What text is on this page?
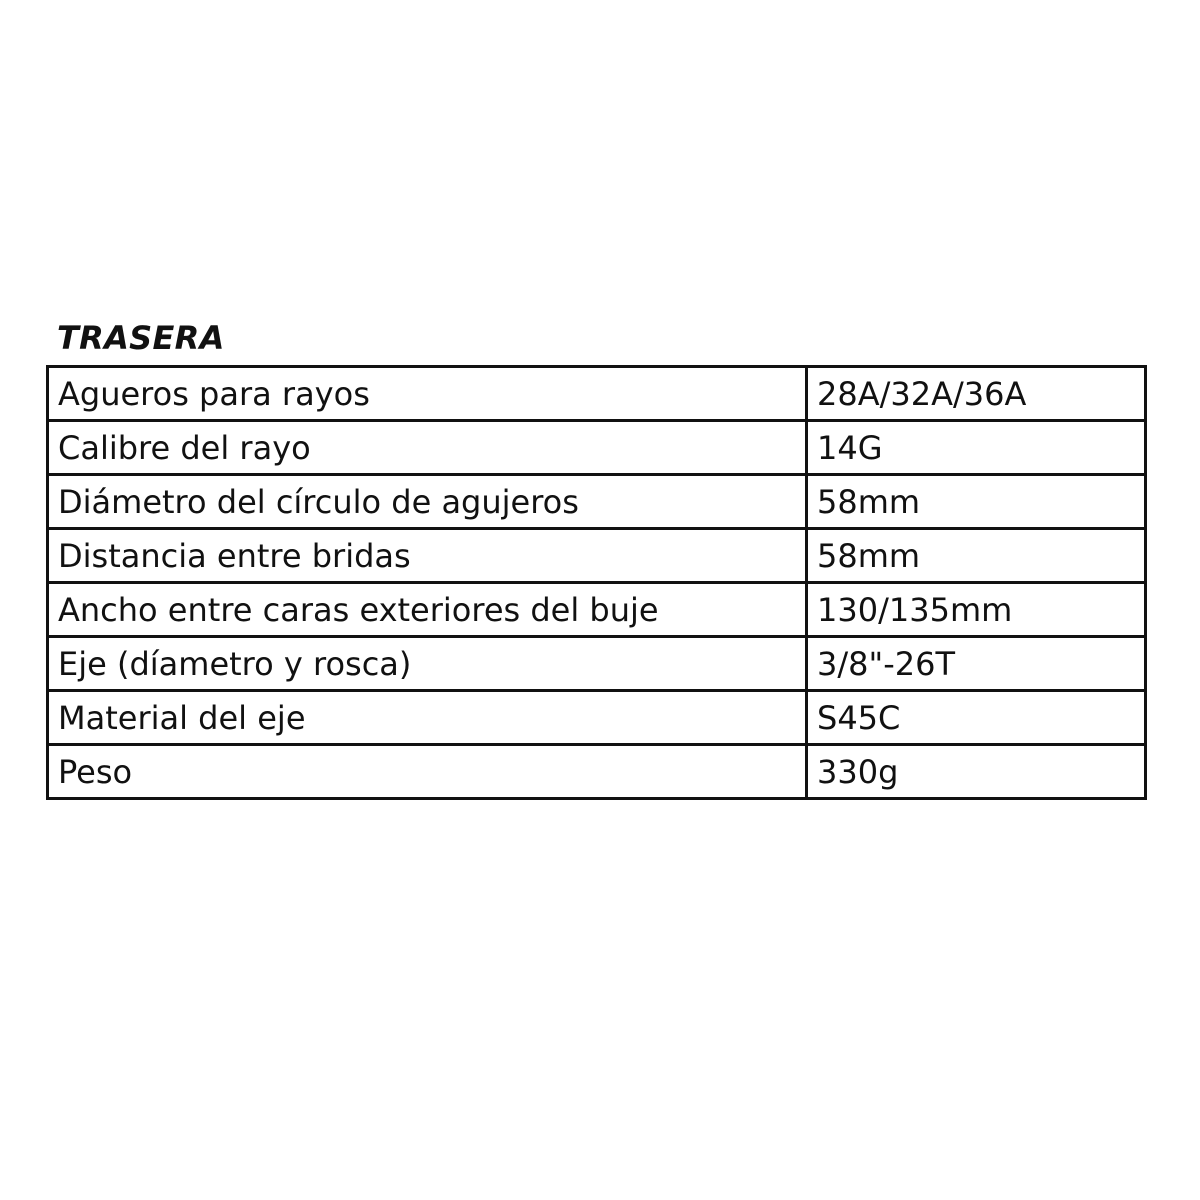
TRASERA
Agueros para rayos	28A/32A/36A
Calibre del rayo	14G
Diámetro del círculo de agujeros	58mm
Distancia entre bridas	58mm
Ancho entre caras exteriores del buje	130/135mm
Eje (díametro y rosca)	3/8"-26T
Material del eje	S45C
Peso	330g
